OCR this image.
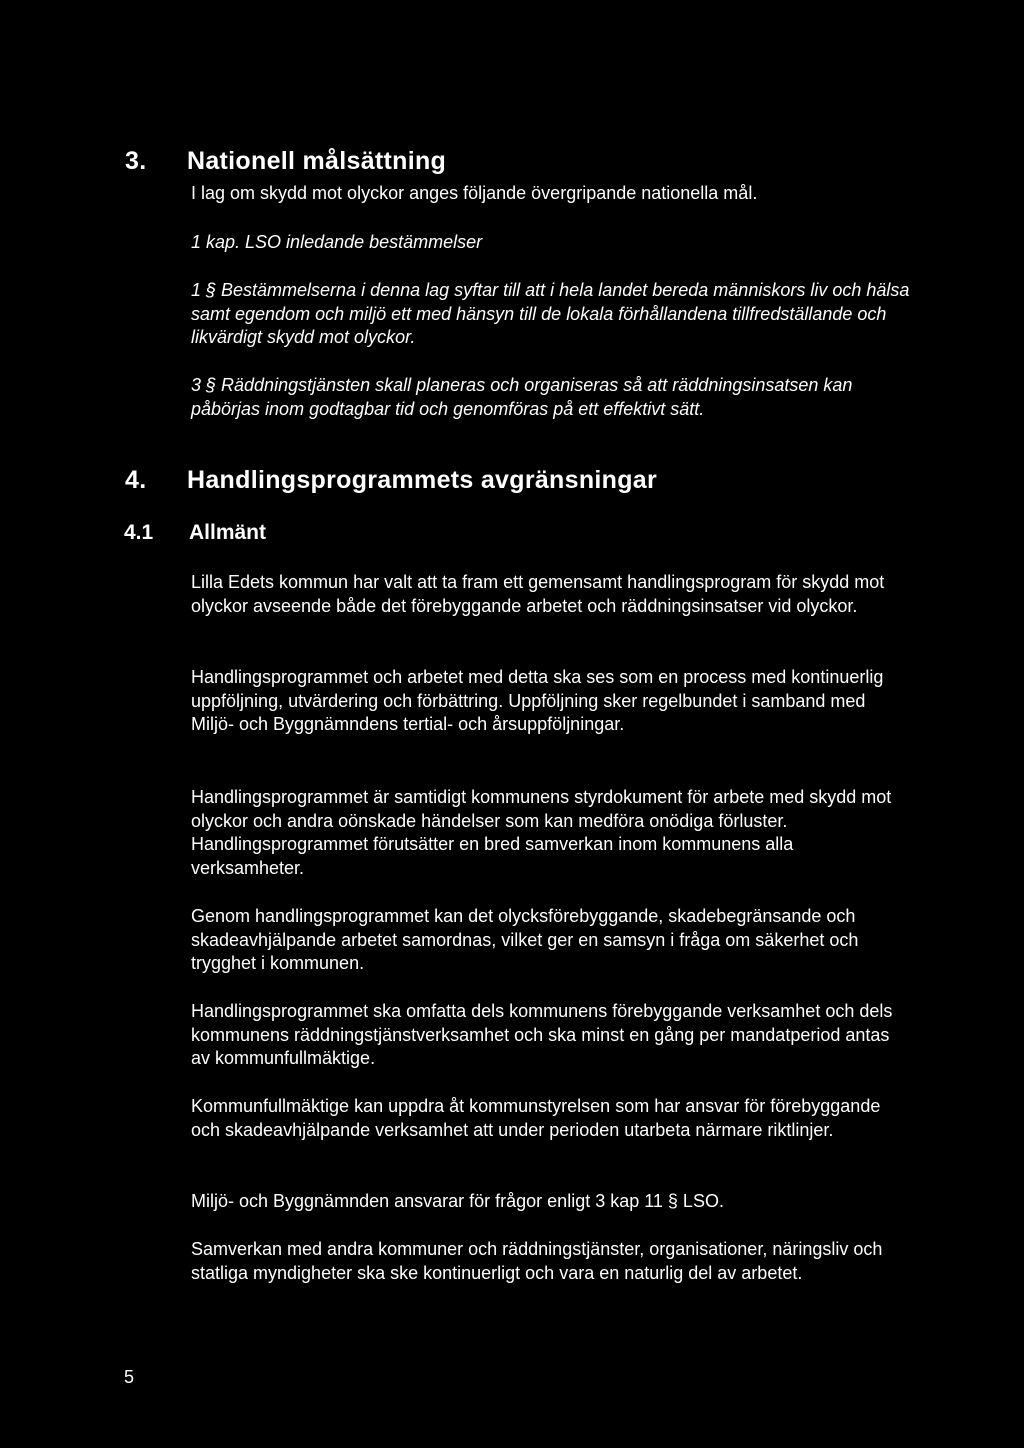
3. Nationell målsättning

I lag om skydd mot olyckor anges följande övergripande nationella mål.

1 kap. LSO inledande bestämmelser

1 § Bestämmelserna i denna lag syftar till att i hela landet bereda människors liv och hälsa samt egendom och miljö ett med hänsyn till de lokala förhållandena tillfredställande och likvärdigt skydd mot olyckor.

3 § Räddningstjänsten skall planeras och organiseras så att räddningsinsatsen kan påbörjas inom godtagbar tid och genomföras på ett effektivt sätt.

4. Handlingsprogrammets avgränsningar
4.1 Allmänt

Lilla Edets kommun har valt att ta fram ett gemensamt handlingsprogram för skydd mot olyckor avseende både det förebyggande arbetet och räddningsinsatser vid olyckor.

Handlingsprogrammet och arbetet med detta ska ses som en process med kontinuerlig uppföljning, utvärdering och förbättring. Uppföljning sker regelbundet i samband med Miljö- och Byggnämndens tertial- och årsuppföljningar.

Handlingsprogrammet är samtidigt kommunens styrdokument för arbete med skydd mot olyckor och andra oönskade händelser som kan medföra onödiga förluster. Handlingsprogrammet förutsätter en bred samverkan inom kommunens alla verksamheter.

Genom handlingsprogrammet kan det olycksförebyggande, skadebegränsande och skadeavhjälpande arbetet samordnas, vilket ger en samsyn i fråga om säkerhet och trygghet i kommunen.

Handlingsprogrammet ska omfatta dels kommunens förebyggande verksamhet och dels kommunens räddningstjänstverksamhet och ska minst en gång per mandatperiod antas av kommunfullmäktige.

Kommunfullmäktige kan uppdra åt kommunstyrelsen som har ansvar för förebyggande och skadeavhjälpande verksamhet att under perioden utarbeta närmare riktlinjer.

Miljö- och Byggnämnden ansvarar för frågor enligt 3 kap 11 § LSO.

Samverkan med andra kommuner och räddningstjänster, organisationer, näringsliv och statliga myndigheter ska ske kontinuerligt och vara en naturlig del av arbetet.

5
